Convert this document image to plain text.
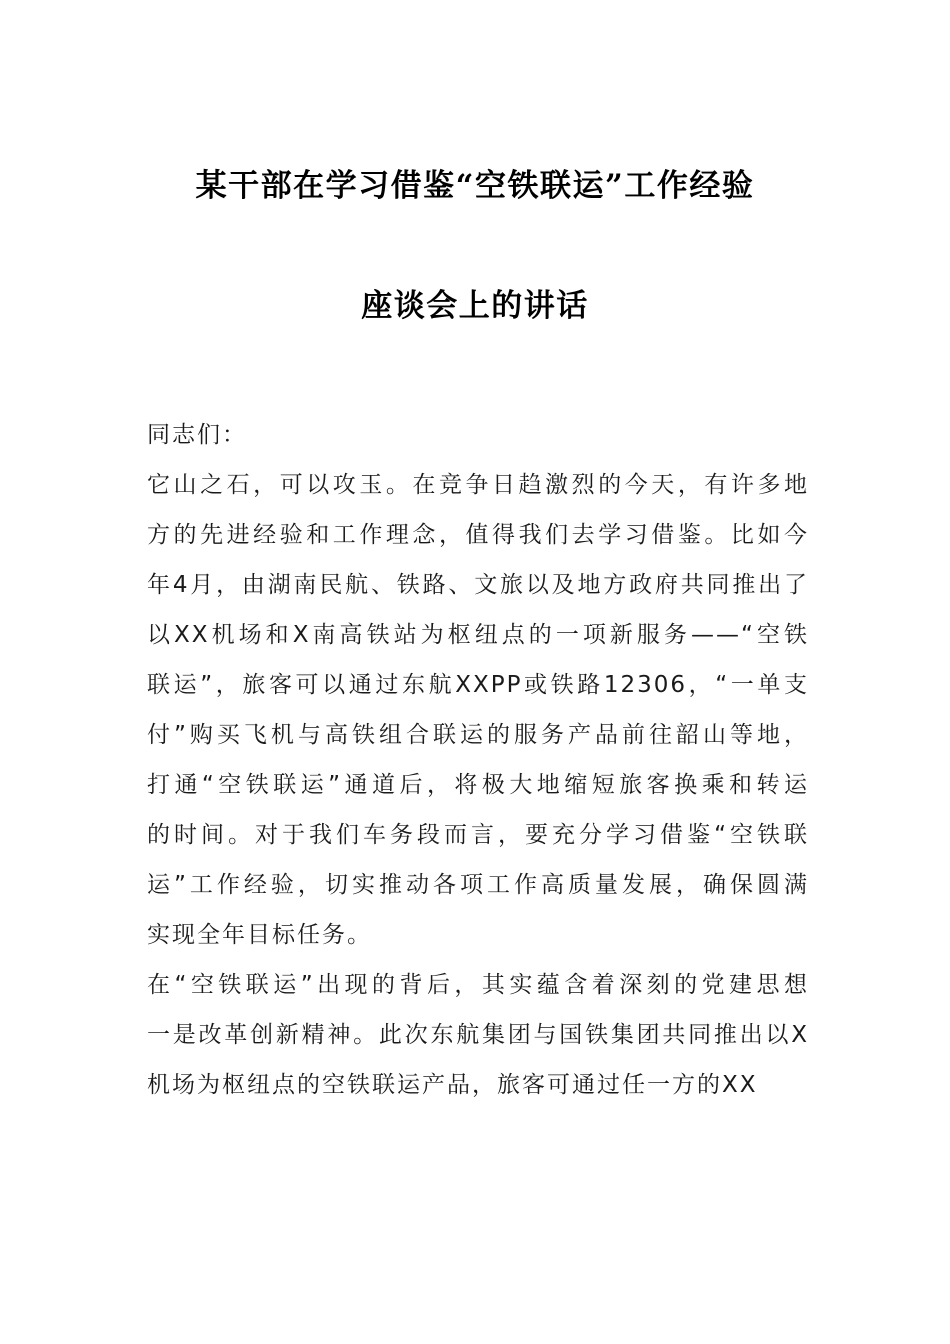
某干部在学习借鉴“空铁联运”工作经验
座谈会上的讲话
同志们：
它山之石，可以攻玉。在竞争日趋激烈的今天，有许多地
方的先进经验和工作理念，值得我们去学习借鉴。比如今
年4月，由湖南民航、铁路、文旅以及地方政府共同推出了
以XX机场和X南高铁站为枢纽点的一项新服务——“空铁
联运”，旅客可以通过东航XXPP或铁路12306，“一单支
付”购买飞机与高铁组合联运的服务产品前往韶山等地，
打通“空铁联运”通道后，将极大地缩短旅客换乘和转运
的时间。对于我们车务段而言，要充分学习借鉴“空铁联
运”工作经验，切实推动各项工作高质量发展，确保圆满
实现全年目标任务。
在“空铁联运”出现的背后，其实蕴含着深刻的党建思想
一是改革创新精神。此次东航集团与国铁集团共同推出以X
机场为枢纽点的空铁联运产品，旅客可通过任一方的XX
